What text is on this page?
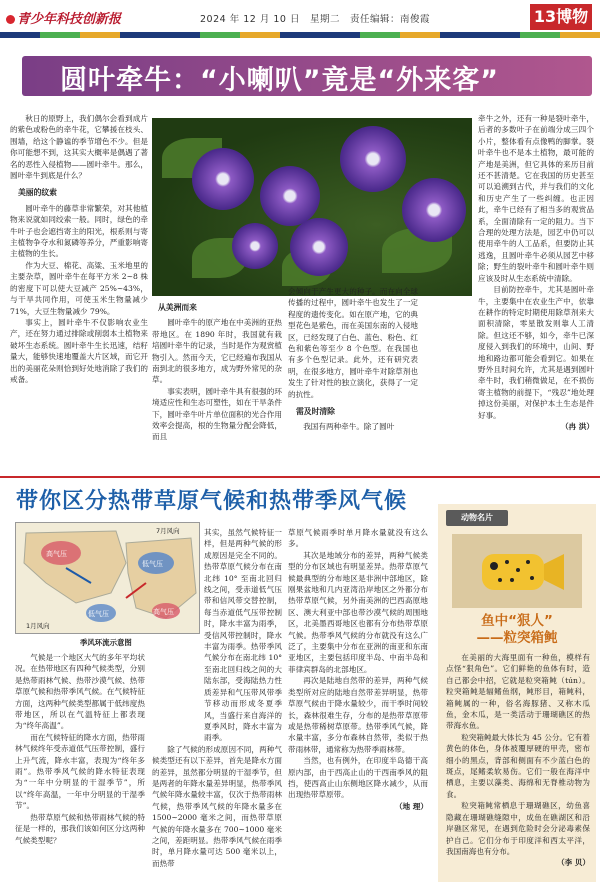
青少年科技创新报	2024 年 12 月 10 日　星期二　责任编辑：南俊霞	13博物
圆叶牵牛：“小喇叭”竟是“外来客”

秋日的原野上，我们偶尔会看到成片的紫色或粉色的牵牛花，它攀援在枝头、围墙，给这个静谧的季节增色不少。但是你可能想不到，这其实大概率是偶遇了著名的恶性入侵植物——圆叶牵牛。那么，圆叶牵牛到底是什么？

美丽的纹索

圆叶牵牛的藤草非常繁荣，对其他植物来说就如同绞索一般。同时，绿色的牵牛叶子也会遮挡寄主的阳光，根系则与寄主植物争夺水和氮磷等养分，严重影响寄主植物的生长。

作为大豆、棉花、高粱、玉米地里的主要杂草，圆叶牵牛在每平方米 2~8 株的密度下可以使大豆减产 25%~43%，与干旱共同作用，可使玉米生物量减少 71%，大豆生物量减少 79%。

事实上，圆叶牵牛不仅影响农业生产，还在努力通过排除或削弱本土植物来破坏生态系统。圆叶牵牛生长迅速，结籽量大，能够快速地覆盖大片区域，而它开出的美丽花朵则恰到好处地消除了我们的戒备。

从美洲而来

圆叶牵牛的原产地在中美洲的亚热带地区。在 1890 年时，我国就有栽培圆叶牵牛的记录，当时是作为观赏植物引入。然而今天，它已经遍布我国从南到北的很多地方，成为野外常见的杂草。

事实表明，圆叶牵牛具有很强的环境适应性和生态可塑性，如在干旱条件下，圆叶牵牛叶片单位面积的光合作用效率会提高，根的生物量分配会降低，而且

会倾向于产生更大的种子。而在向全球传播的过程中，圆叶牵牛也发生了一定程度的遗传变化。如在原产地，它的典型花色是紫色，而在美国东南的入侵地区，已经发现了白色、蓝色、粉色、红色和紫色等至少 8 个色型。在我国也有多个色型记录。此外，还有研究表明，在很多地方，圆叶牵牛对除草剂也发生了针对性的独立演化，获得了一定的抗性。

需及时清除

我国有两种牵牛。除了圆叶

牵牛之外，还有一种是裂叶牵牛，后者的多数叶子在前端分成三四个小片，整体看有点像鸭的脚掌。裂叶牵牛也不是本土植物，最可能的产地是美洲，但它具体的来历目前还不甚清楚。它在我国的历史甚至可以追溯到古代，并与我们的文化和历史产生了一些纠缠。也正因此，牵牛已经有了相当多的观赏品系，全面清除有一定的阻力。当下合理的处理方法是，园艺中仍可以使用牵牛的人工品系，但要防止其逃逸，且圆叶牵牛必须从园艺中移除；野生的裂叶牵牛和圆叶牵牛则应该及时从生态系统中清除。

目前防控牵牛，尤其是圆叶牵牛，主要集中在农业生产中，依靠在耕作的特定时期使用除草剂来大面积清除，零星散发则靠人工清除。但这还不够，如今，牵牛已深度侵入到我们的环境中，山间、野地和路边都可能会看到它。如果在野外且时间允许，尤其是遇到圆叶牵牛时，我们稍微做足，在不损伤寄主植物的前提下，“残忍”地处理掉这份美丽，对保护本土生态是件好事。

（冉 洪）
带你区分热带草原气候和热带季风气候
高气压
低气压
低气压	高气压
1月风向
7月风向
季风环流示意图

气候是一个地区大气的多年平均状况。在热带地区有四种气候类型，分别是热带雨林气候、热带沙漠气候、热带草原气候和热带季风气候。在气候特征方面，这两种气候类型都属于低纬度热带地区，所以在气温特征上都表现为“终年高温”。

而在气候特征的降水方面，热带雨林气候终年受赤道低气压带控制，盛行上升气流，降水丰富，表现为“终年多雨”。热带季风气候的降水特征表现为“一年中分明显的干湿季节”，所以“终年高温，一年中分明显的干湿季节”。

热带草原气候和热带雨林气候的特征是一样的，那我们该如何区分这两种气候类型呢？

其实，虽然气候特征一样，但是两种气候的形成原因是完全不同的。热带草原气候分布在南北纬 10° 至南北回归线之间，受赤道低气压带和信风带交替控制，每当赤道低气压带控制时，降水丰富为雨季，受信风带控制时，降水丰富为雨季。热带季风气候分布在南北纬 10° 至南北回归线之间的大陆东部，受海陆热力性质差异和气压带风带季节移动而形成冬夏季风，当盛行来自海洋的夏季风时，降水丰富为雨季。

除了气候的形成原因不同，两种气候类型还有以下差异，首先是降水方面的差异，虽然都分明显的干湿季节，但是两者的年降水量差异明显，热带季风气候年降水量较丰富，仅次于热带雨林气候，热带季风气候的年降水量多在 1500~2000 毫米之间，而热带草原气候的年降水量多在 700~1000 毫米之间，差距明显。热带季风气候在雨季时，单月降水量可达 500 毫米以上，而热带

草原气候雨季时单月降水量就没有这么多。

其次是地域分布的差异，两种气候类型的分布区域也有明显差异。热带草原气候最典型的分布地区是非洲中部地区，除刚果盆地和几内亚湾沿岸地区之外都分布热带草原气候，另外南美洲的巴西高原地区、澳大利亚中部也带沙漠气候的周围地区，北美墨西哥地区也都有分布热带草原气候。热带季风气候的分布就没有这么广泛了，主要集中分布在亚洲的南亚和东南亚地区，主要包括印度半岛、中南半岛和菲律宾群岛的北部地区。

再次是陆地自然带的差异，两种气候类型所对应的陆地自然带差异明显，热带草原气候由于降水量较少，而干季时间较长，森林很难生存，分布的是热带草原带或是热带稀树草原带。热带季风气候，降水量丰富，多分布森林自然带，类似于热带雨林带，通常称为热带季雨林带。

当然，也有例外，在印度半岛德干高原内部，由于西高止山的干西南季风的阻挡，使西高止山东侧地区降水减少，从而出现热带草原带。

（地 理）
动物名片
鱼中“狠人”
——粒突箱鲀

在美丽的大海里面有一种鱼，模样有点怪“狠角色”。它们鲜艳的鱼体有时，造自己都会中招，它就是粒突箱鲀（tún）。粒突箱鲀是辐鳍鱼纲，鲀形目，箱鲀科，箱鲀属的一种，俗名海豚猪、又称木瓜鱼，金木瓜，是一类活动于珊瑚礁区的热带海水鱼。

粒突箱鲀最大体长为 45 公分。它有着黄色的体色，身体被覆厚硬的甲壳，密布细小的黑点，背部和侧面有不少蓝白色的斑点，尾鳍柔软易伤。它们一般在海洋中栖息，主要以藻类、海绵和无脊椎动物为食。

粒突箱鲀常栖息于珊瑚礁区，幼鱼喜隐藏在珊瑚礁缝隙中，成鱼在礁湖区和沿岸礁区常见，在遇到危险时会分泌毒素保护自己。它们分布于印度洋和西太平洋，我国南海也有分布。

（李 贝）
